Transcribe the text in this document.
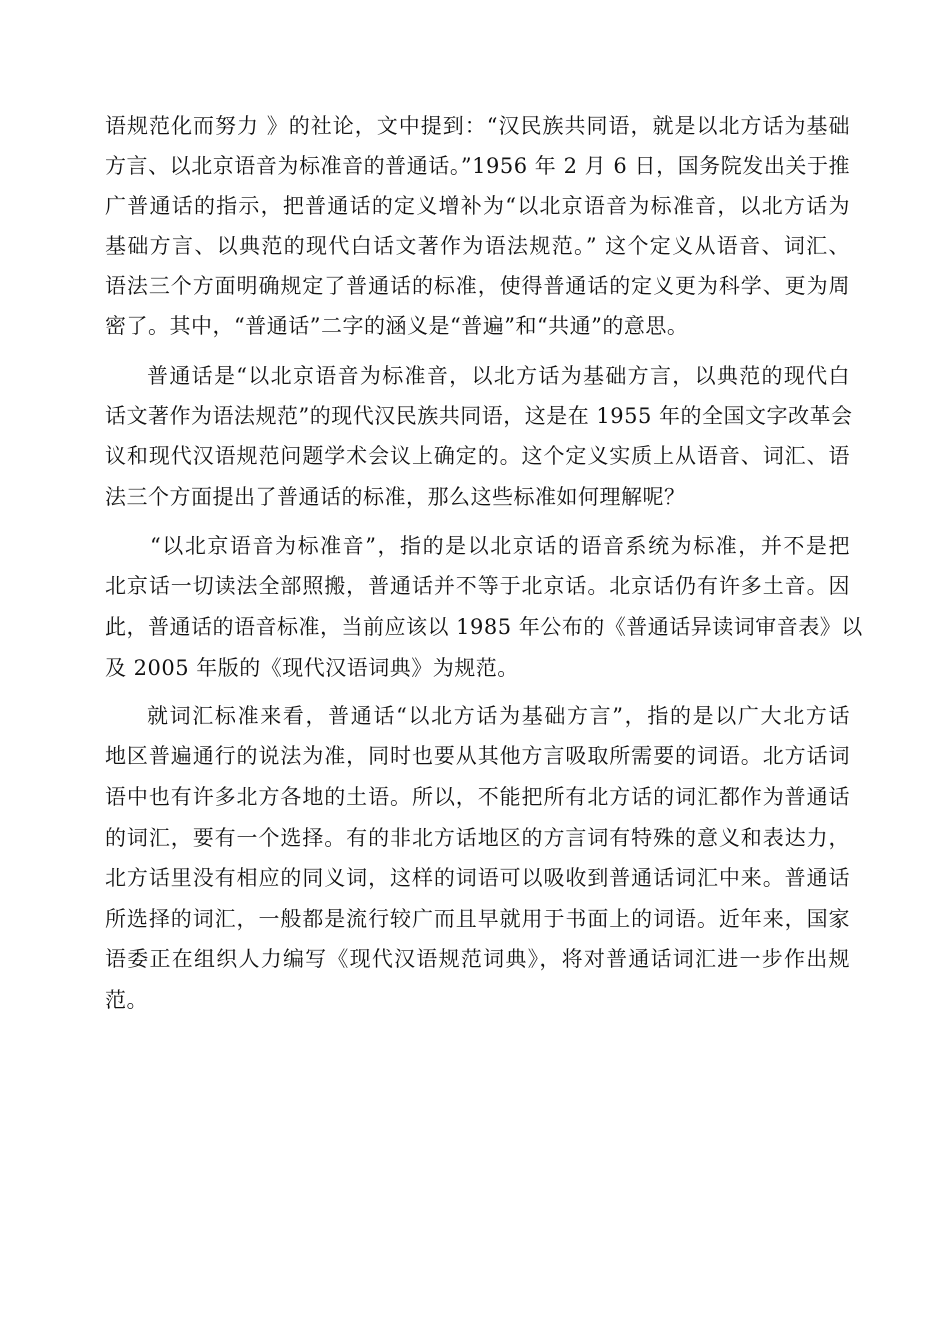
语规范化而努力 》的社论，文中提到：“汉民族共同语，就是以北方话为基础
方言、以北京语音为标准音的普通话。”1956 年 2 月 6 日，国务院发出关于推
广普通话的指示，把普通话的定义增补为“以北京语音为标准音，以北方话为
基础方言、以典范的现代白话文著作为语法规范。” 这个定义从语音、词汇、
语法三个方面明确规定了普通话的标准，使得普通话的定义更为科学、更为周
密了。其中，“普通话”二字的涵义是“普遍”和“共通”的意思。
普通话是“以北京语音为标准音，以北方话为基础方言，以典范的现代白
话文著作为语法规范”的现代汉民族共同语，这是在 1955 年的全国文字改革会
议和现代汉语规范问题学术会议上确定的。这个定义实质上从语音、词汇、语
法三个方面提出了普通话的标准，那么这些标准如何理解呢？
“以北京语音为标准音”，指的是以北京话的语音系统为标准，并不是把
北京话一切读法全部照搬，普通话并不等于北京话。北京话仍有许多土音。因
此，普通话的语音标准，当前应该以 1985 年公布的《普通话异读词审音表》以
及 2005 年版的《现代汉语词典》为规范。
就词汇标准来看，普通话“以北方话为基础方言”，指的是以广大北方话
地区普遍通行的说法为准，同时也要从其他方言吸取所需要的词语。北方话词
语中也有许多北方各地的土语。所以，不能把所有北方话的词汇都作为普通话
的词汇，要有一个选择。有的非北方话地区的方言词有特殊的意义和表达力，
北方话里没有相应的同义词，这样的词语可以吸收到普通话词汇中来。普通话
所选择的词汇，一般都是流行较广而且早就用于书面上的词语。近年来，国家
语委正在组织人力编写《现代汉语规范词典》，将对普通话词汇进一步作出规
范。
